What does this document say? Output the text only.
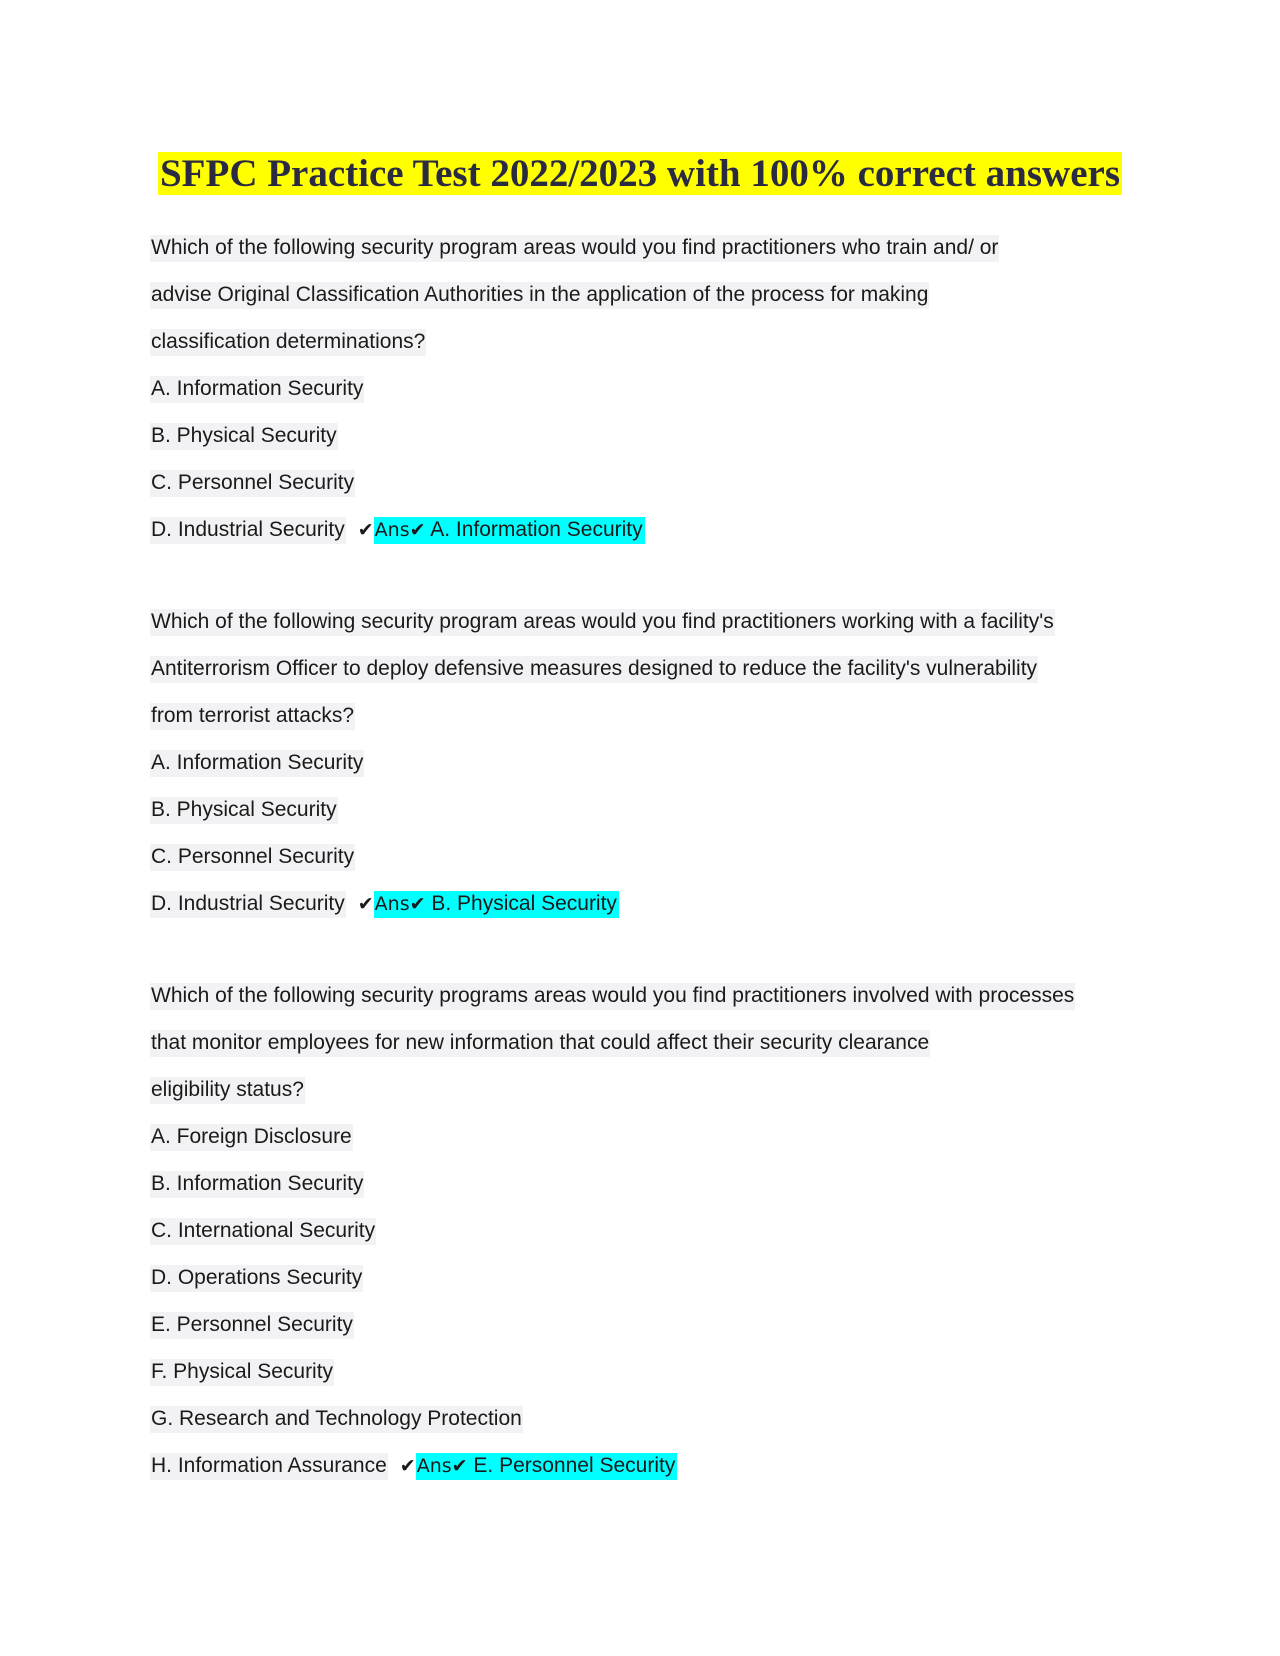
SFPC Practice Test 2022/2023 with 100% correct answers
Which of the following security program areas would you find practitioners who train and/ or
advise Original Classification Authorities in the application of the process for making
classification determinations?
A. Information Security
B. Physical Security
C. Personnel Security
D. Industrial Security ✔Ans✔ A. Information Security
Which of the following security program areas would you find practitioners working with a facility's
Antiterrorism Officer to deploy defensive measures designed to reduce the facility's vulnerability
from terrorist attacks?
A. Information Security
B. Physical Security
C. Personnel Security
D. Industrial Security ✔Ans✔ B. Physical Security
Which of the following security programs areas would you find practitioners involved with processes
that monitor employees for new information that could affect their security clearance
eligibility status?
A. Foreign Disclosure
B. Information Security
C. International Security
D. Operations Security
E. Personnel Security
F. Physical Security
G. Research and Technology Protection
H. Information Assurance ✔Ans✔ E. Personnel Security
